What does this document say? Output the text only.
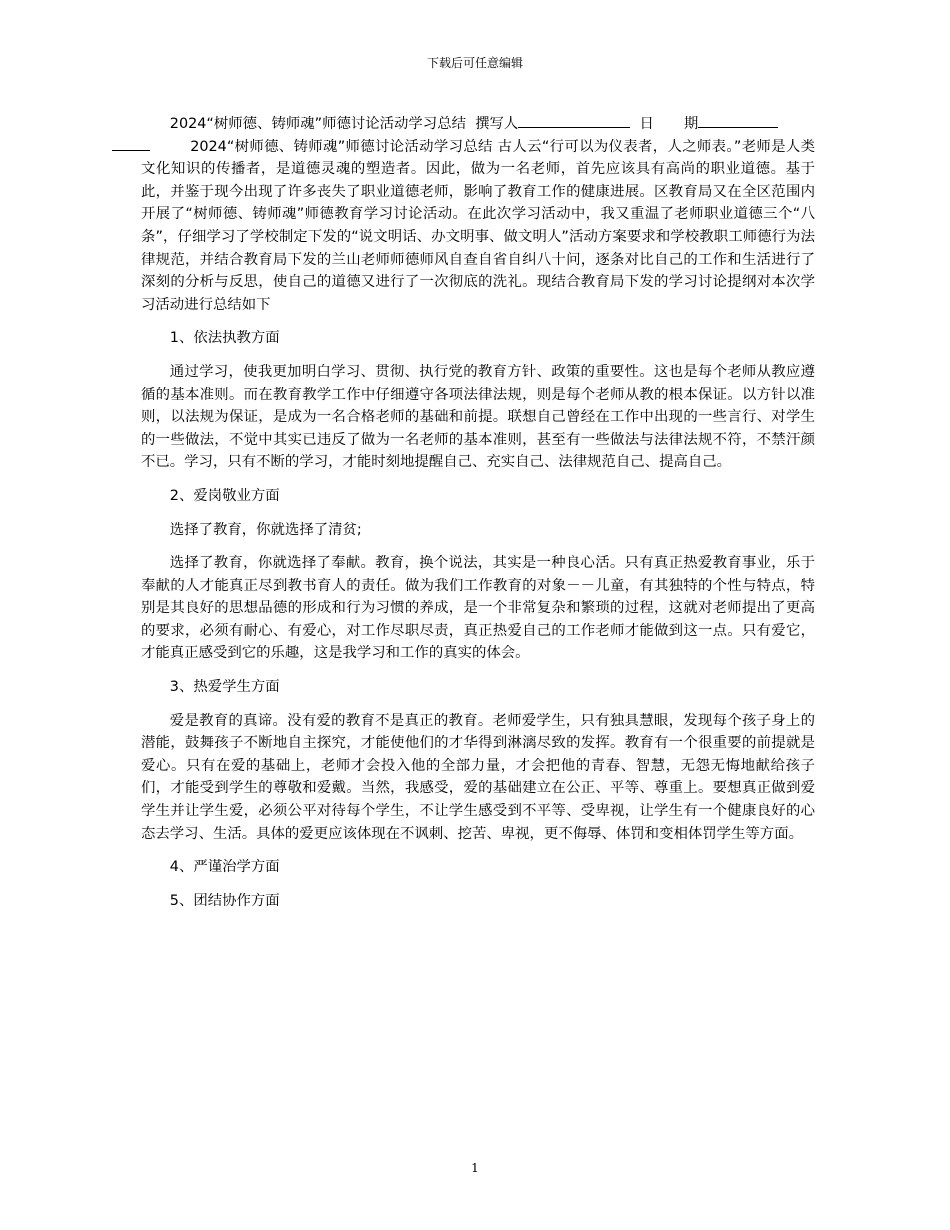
下载后可任意编辑

2024“树师德、铸师魂”师德讨论活动学习总结 撰写人	日 期
2024“树师德、铸师魂”师德讨论活动学习总结 古人云“行可以为仪表者，人之师表。”老师是人类文化知识的传播者，是道德灵魂的塑造者。因此，做为一名老师，首先应该具有高尚的职业道德。基于此，并鉴于现今出现了许多丧失了职业道德老师，影响了教育工作的健康进展。区教育局又在全区范围内开展了“树师德、铸师魂”师德教育学习讨论活动。在此次学习活动中，我又重温了老师职业道德三个“八条”，仔细学习了学校制定下发的“说文明话、办文明事、做文明人”活动方案要求和学校教职工师德行为法律规范，并结合教育局下发的兰山老师师德师风自查自省自纠八十问，逐条对比自己的工作和生活进行了深刻的分析与反思，使自己的道德又进行了一次彻底的洗礼。现结合教育局下发的学习讨论提纲对本次学习活动进行总结如下

1、依法执教方面

通过学习，使我更加明白学习、贯彻、执行党的教育方针、政策的重要性。这也是每个老师从教应遵循的基本准则。而在教育教学工作中仔细遵守各项法律法规，则是每个老师从教的根本保证。以方针以准则，以法规为保证，是成为一名合格老师的基础和前提。联想自己曾经在工作中出现的一些言行、对学生的一些做法，不觉中其实已违反了做为一名老师的基本准则，甚至有一些做法与法律法规不符，不禁汗颜不已。学习，只有不断的学习，才能时刻地提醒自己、充实自己、法律规范自己、提高自己。

2、爱岗敬业方面

选择了教育，你就选择了清贫;

选择了教育，你就选择了奉献。教育，换个说法，其实是一种良心活。只有真正热爱教育事业，乐于奉献的人才能真正尽到教书育人的责任。做为我们工作教育的对象－－儿童，有其独特的个性与特点，特别是其良好的思想品德的形成和行为习惯的养成，是一个非常复杂和繁琐的过程，这就对老师提出了更高的要求，必须有耐心、有爱心，对工作尽职尽责，真正热爱自己的工作老师才能做到这一点。只有爱它，才能真正感受到它的乐趣，这是我学习和工作的真实的体会。

3、热爱学生方面

爱是教育的真谛。没有爱的教育不是真正的教育。老师爱学生，只有独具慧眼，发现每个孩子身上的潜能，鼓舞孩子不断地自主探究，才能使他们的才华得到淋漓尽致的发挥。教育有一个很重要的前提就是爱心。只有在爱的基础上，老师才会投入他的全部力量，才会把他的青春、智慧，无怨无悔地献给孩子们，才能受到学生的尊敬和爱戴。当然，我感受，爱的基础建立在公正、平等、尊重上。要想真正做到爱学生并让学生爱，必须公平对待每个学生，不让学生感受到不平等、受卑视，让学生有一个健康良好的心态去学习、生活。具体的爱更应该体现在不讽刺、挖苦、卑视，更不侮辱、体罚和变相体罚学生等方面。

4、严谨治学方面

5、团结协作方面

1
